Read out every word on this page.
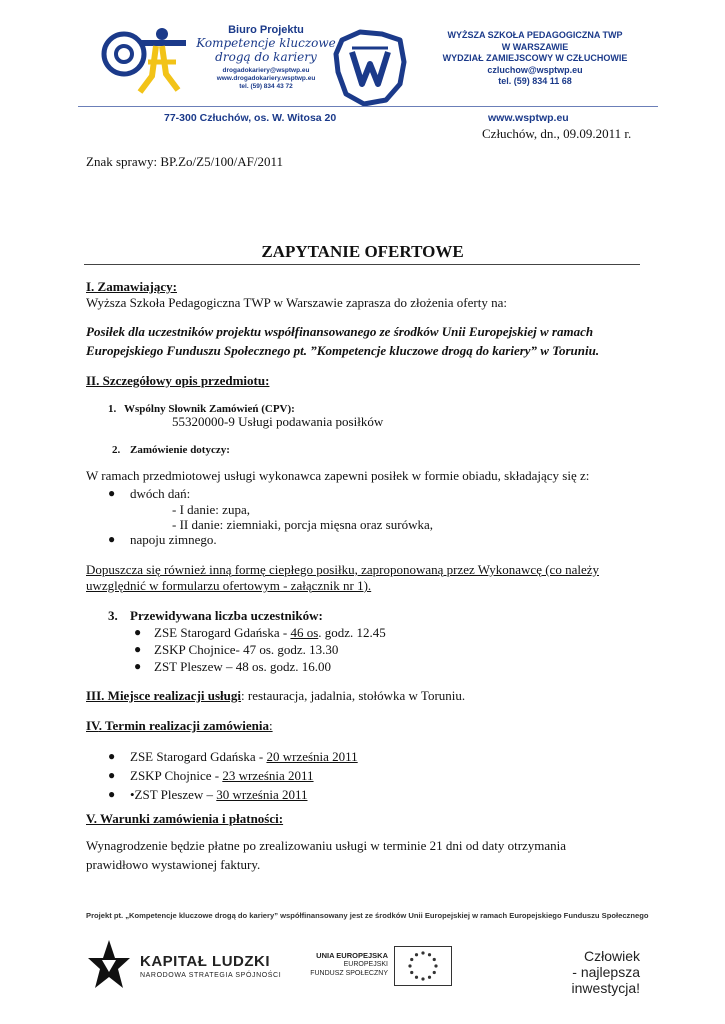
Biuro Projektu
Kompetencje kluczowe
drogą do kariery
drogadokariery@wsptwp.eu
www.drogadokariery.wsptwp.eu
tel. (59) 834 43 72
WYŻSZA SZKOŁA PEDAGOGICZNA TWP
W WARSZAWIE
WYDZIAŁ ZAMIEJSCOWY W CZŁUCHOWIE
czluchow@wsptwp.eu
tel. (59) 834 11 68
77-300 Człuchów, os. W. Witosa 20	www.wsptwp.eu
Człuchów, dn., 09.09.2011 r.
Znak sprawy: BP.Zo/Z5/100/AF/2011
ZAPYTANIE OFERTOWE
I. Zamawiający:
Wyższa Szkoła Pedagogiczna TWP w Warszawie zaprasza do złożenia oferty na:
Posiłek dla uczestników projektu współfinansowanego ze środków Unii Europejskiej w ramach
Europejskiego Funduszu Społecznego pt. ”Kompetencje kluczowe drogą do kariery” w Toruniu.
II. Szczegółowy opis przedmiotu:
1. Wspólny Słownik Zamówień (CPV):
55320000-9 Usługi podawania posiłków
2. Zamówienie dotyczy:
W ramach przedmiotowej usługi wykonawca zapewni posiłek w formie obiadu, składający się z:
● dwóch dań:
- I danie: zupa,
- II danie: ziemniaki, porcja mięsna oraz surówka,
● napoju zimnego.
Dopuszcza się również inną formę ciepłego posiłku, zaproponowaną przez Wykonawcę (co należy
uwzględnić w formularzu ofertowym - załącznik nr 1).
3. Przewidywana liczba uczestników:
● ZSE Starogard Gdańska - 46 os. godz. 12.45
● ZSKP Chojnice- 47 os. godz. 13.30
● ZST Pleszew – 48 os. godz. 16.00
III. Miejsce realizacji usługi: restauracja, jadalnia, stołówka w Toruniu.
IV. Termin realizacji zamówienia:
● ZSE Starogard Gdańska - 20 września 2011
● ZSKP Chojnice - 23 września 2011
● •ZST Pleszew – 30 września 2011
V. Warunki zamówienia i płatności:
Wynagrodzenie będzie płatne po zrealizowaniu usługi w terminie 21 dni od daty otrzymania
prawidłowo wystawionej faktury.
Projekt pt. „Kompetencje kluczowe drogą do kariery” współfinansowany jest ze środków Unii Europejskiej w ramach Europejskiego Funduszu Społecznego
KAPITAŁ LUDZKI
NARODOWA STRATEGIA SPÓJNOŚCI
UNIA EUROPEJSKA
EUROPEJSKI
FUNDUSZ SPOŁECZNY
Człowiek
- najlepsza inwestycja!
